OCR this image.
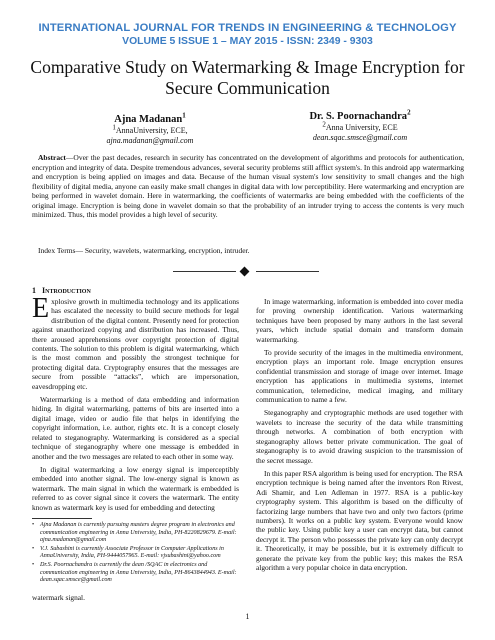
INTERNATIONAL JOURNAL FOR TRENDS IN ENGINEERING & TECHNOLOGY
VOLUME 5 ISSUE 1 – MAY 2015 - ISSN: 2349 - 9303
Comparative Study on Watermarking & Image Encryption for Secure Communication
Ajna Madanan$^1$
1AnnaUniversity, ECE,
ajna.madanan@gmail.com
Dr. S. Poornachandra$^2$
2Anna University, ECE
dean.sqac.smsce@gmail.com
Abstract—Over the past decades, research in security has concentrated on the development of algorithms and protocols for authentication, encryption and integrity of data. Despite tremendous advances, several security problems still afflict system's. In this android app watermarking and encryption is being applied on images and data. Because of the human visual system's low sensitivity to small changes and the high flexibility of digital media, anyone can easily make small changes in digital data with low perceptibility. Here watermarking and encryption are being performed in wavelet domain. Here in watermarking, the coefficients of watermarks are being embedded with the coefficients of the original image. Encryption is being done in wavelet domain so that the probability of an intruder trying to access the contents is very much minimized. Thus, this model provides a high level of security.
Index Terms— Security, wavelets, watermarking, encryption, intruder.
1 Introduction

Explosive growth in multimedia technology and its applications has escalated the necessity to build secure methods for legal distribution of the digital content. Presently need for protection against unauthorized copying and distribution has increased. Thus, there aroused apprehensions over copyright protection of digital contents. The solution to this problem is digital watermarking, which is the most common and possibly the strongest technique for protecting digital data. Cryptography ensures that the messages are secure from possible “attacks”, which are impersonation, eavesdropping etc.

Watermarking is a method of data embedding and information hiding. In digital watermarking, patterns of bits are inserted into a digital image, video or audio file that helps in identifying the copyright information, i.e. author, rights etc. It is a concept closely related to steganography. Watermarking is considered as a special technique of steganography where one message is embedded in another and the two messages are related to each other in some way.

In digital watermarking a low energy signal is imperceptibly embedded into another signal. The low-energy signal is known as watermark. The main signal in which the watermark is embedded is referred to as cover signal since it covers the watermark. The entity known as watermark key is used for embedding and detecting

• Ajna Madanan is currently pursuing masters degree program in electronics and communication engineering in Anna University, India, PH-8220829679. E-mail: ajna.madanan@gmail.com
• V.J. Subashini is currently Associate Professor in Computer Applications in AnnaUniversity, India, PH-9444057965. E-mail: vjsubashini@yahoo.com
• Dr.S. Poornachandra is currently the dean /SQAC in electronics and communication engineering in Anna University, India, PH-8643844943. E-mail: dean.sqac.smsce@gmail.com
watermark signal.

In image watermarking, information is embedded into cover media for proving ownership identification. Various watermarking techniques have been proposed by many authors in the last several years, which include spatial domain and transform domain watermarking.

To provide security of the images in the multimedia environment, encryption plays an important role. Image encryption ensures confidential transmission and storage of image over internet. Image encryption has applications in multimedia systems, internet communication, telemedicine, medical imaging, and military communication to name a few.

Steganography and cryptographic methods are used together with wavelets to increase the security of the data while transmitting through networks. A combination of both encryption with steganography allows better private communication. The goal of steganography is to avoid drawing suspicion to the transmission of the secret message.

In this paper RSA algorithm is being used for encryption. The RSA encryption technique is being named after the inventors Ron Rivest, Adi Shamir, and Len Adleman in 1977. RSA is a public-key cryptography system. This algorithm is based on the difficulty of factorizing large numbers that have two and only two factors (prime numbers). It works on a public key system. Everyone would know the public key. Using public key a user can encrypt data, but cannot decrypt it. The person who possesses the private key can only decrypt it. Theoretically, it may be possible, but it is extremely difficult to generate the private key from the public key; this makes the RSA algorithm a very popular choice in data encryption.

1
